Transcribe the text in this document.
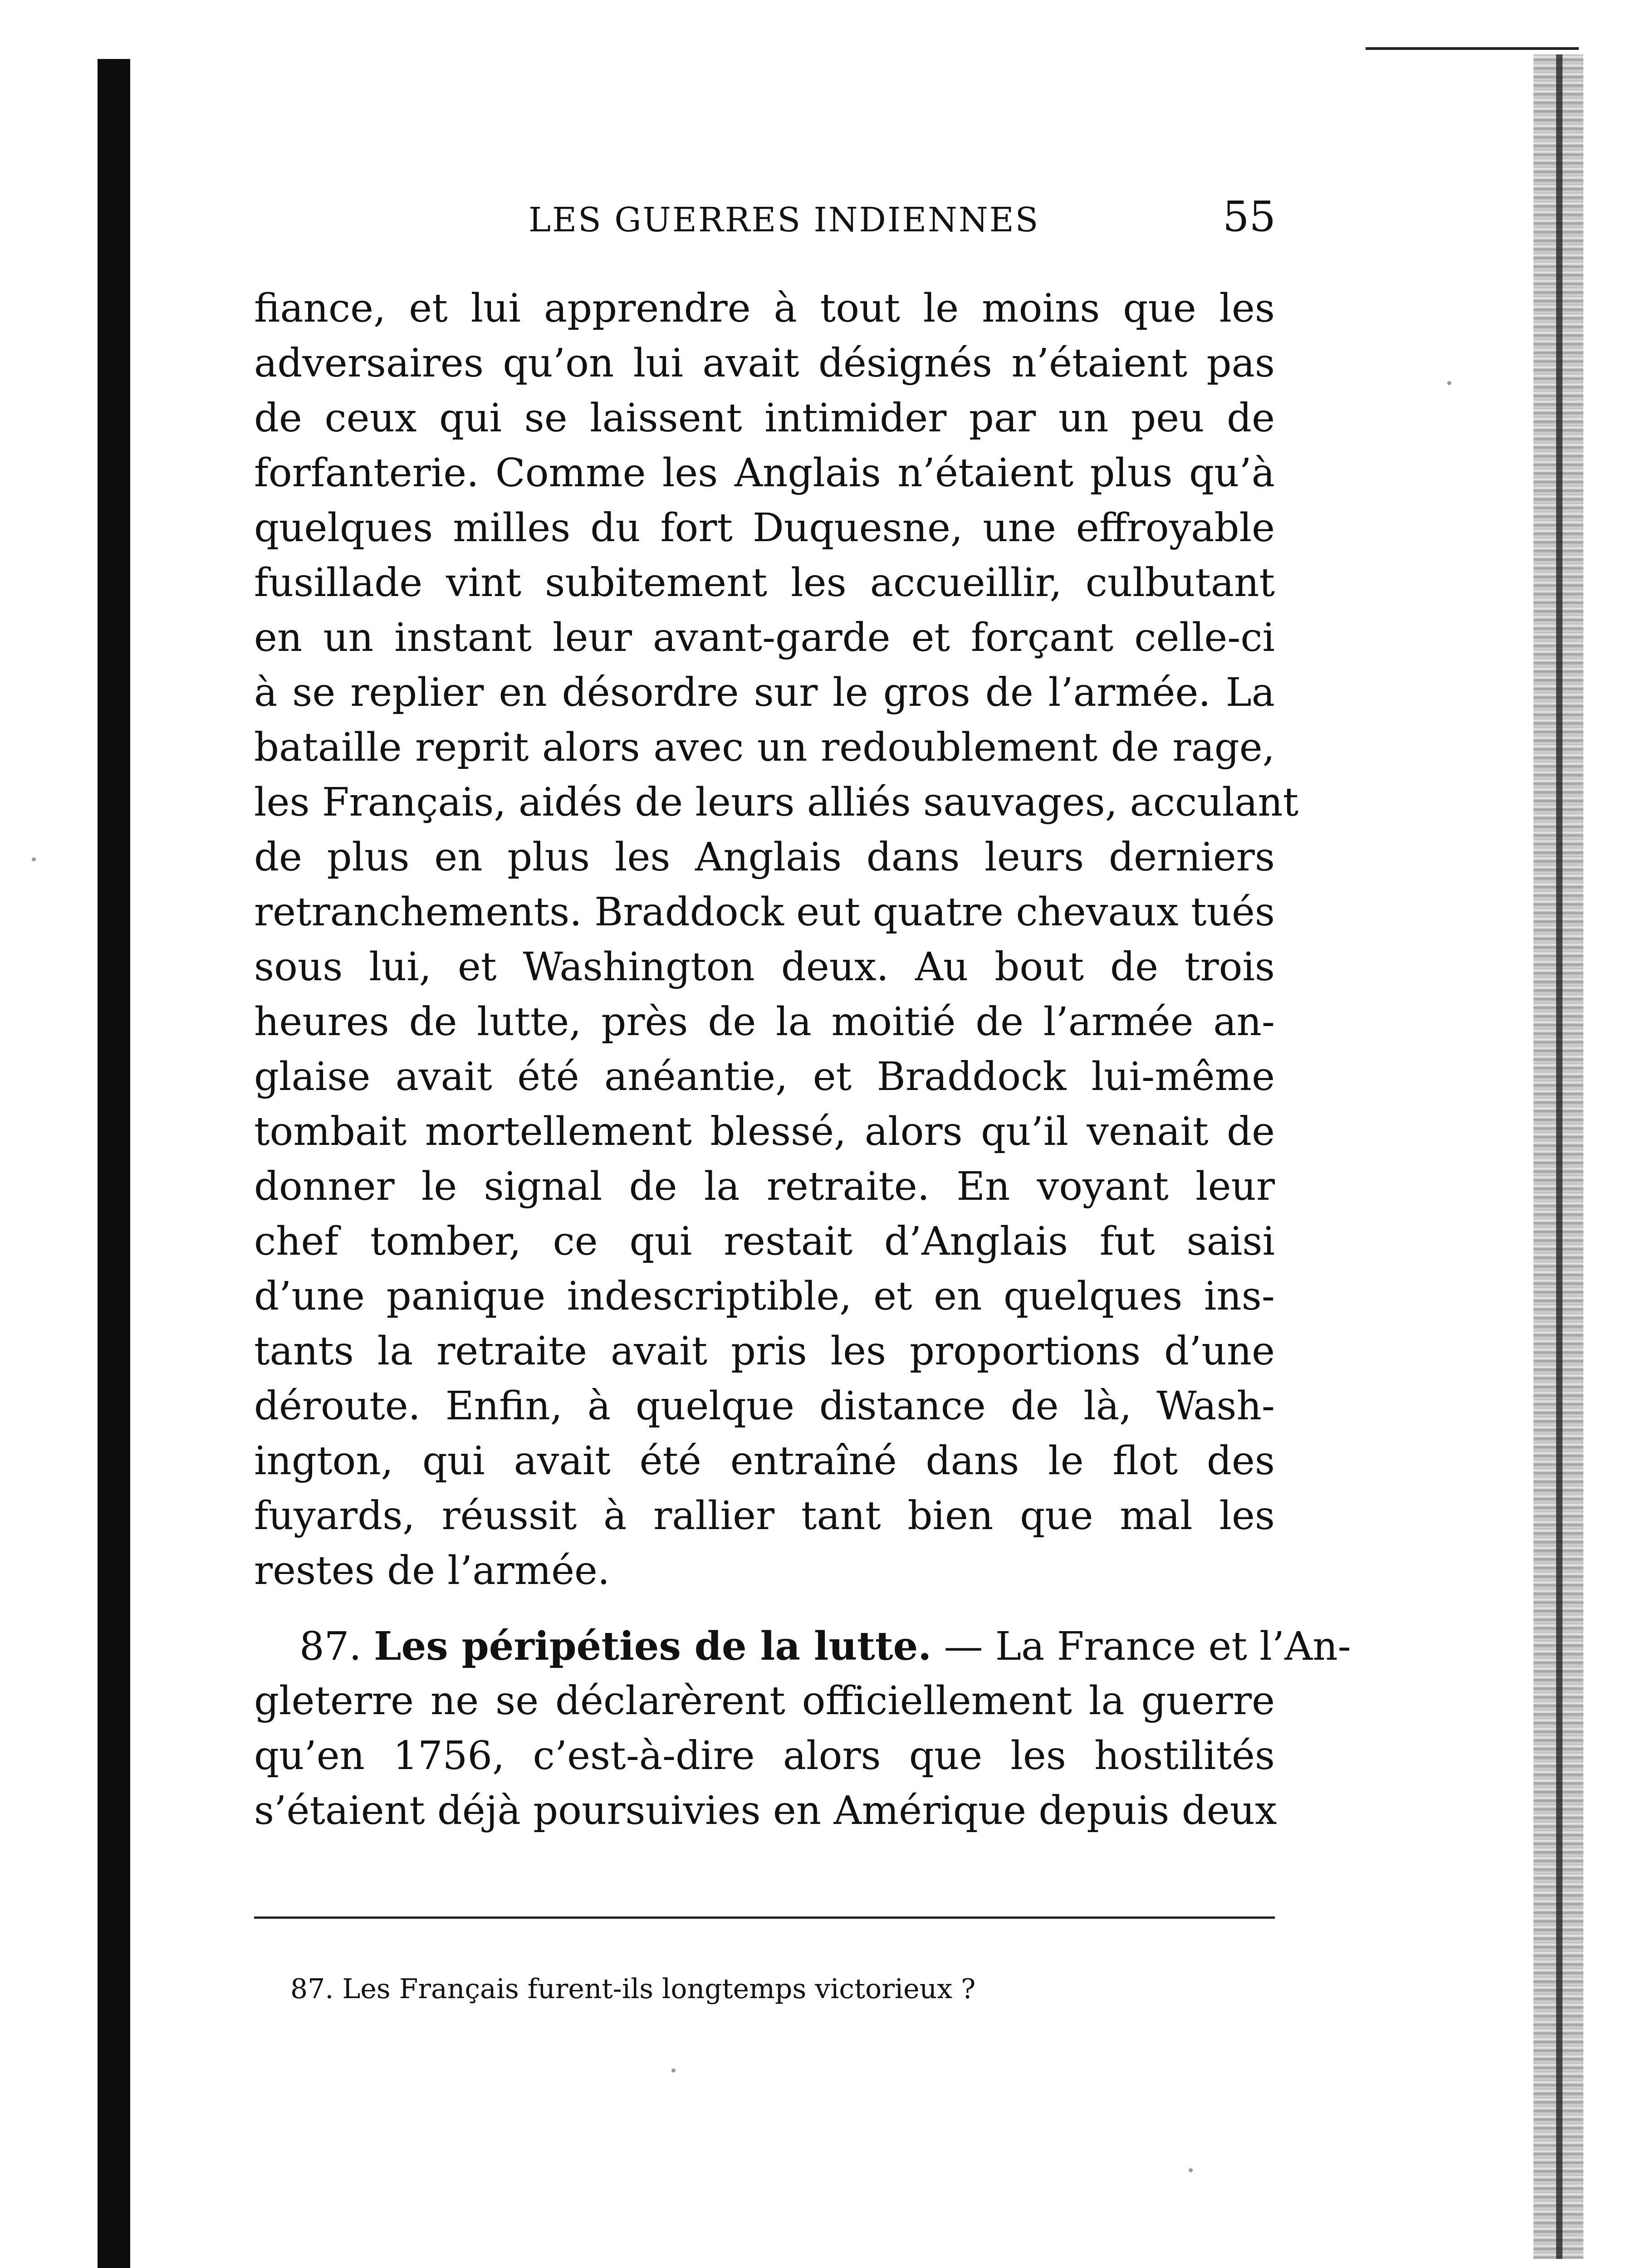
LES GUERRES INDIENNES	55
fiance, et lui apprendre à tout le moins que les
adversaires qu’on lui avait désignés n’étaient pas
de ceux qui se laissent intimider par un peu de
forfanterie. Comme les Anglais n’étaient plus qu’à
quelques milles du fort Duquesne, une effroyable
fusillade vint subitement les accueillir, culbutant
en un instant leur avant-garde et forçant celle-ci
à se replier en désordre sur le gros de l’armée. La
bataille reprit alors avec un redoublement de rage,
les Français, aidés de leurs alliés sauvages, acculant
de plus en plus les Anglais dans leurs derniers
retranchements. Braddock eut quatre chevaux tués
sous lui, et Washington deux. Au bout de trois
heures de lutte, près de la moitié de l’armée an-
glaise avait été anéantie, et Braddock lui-même
tombait mortellement blessé, alors qu’il venait de
donner le signal de la retraite. En voyant leur
chef tomber, ce qui restait d’Anglais fut saisi
d’une panique indescriptible, et en quelques ins-
tants la retraite avait pris les proportions d’une
déroute. Enfin, à quelque distance de là, Wash-
ington, qui avait été entraîné dans le flot des
fuyards, réussit à rallier tant bien que mal les
restes de l’armée.
87. Les péripéties de la lutte. — La France et l’An-
gleterre ne se déclarèrent officiellement la guerre
qu’en 1756, c’est-à-dire alors que les hostilités
s’étaient déjà poursuivies en Amérique depuis deux
87. Les Français furent-ils longtemps victorieux ?
